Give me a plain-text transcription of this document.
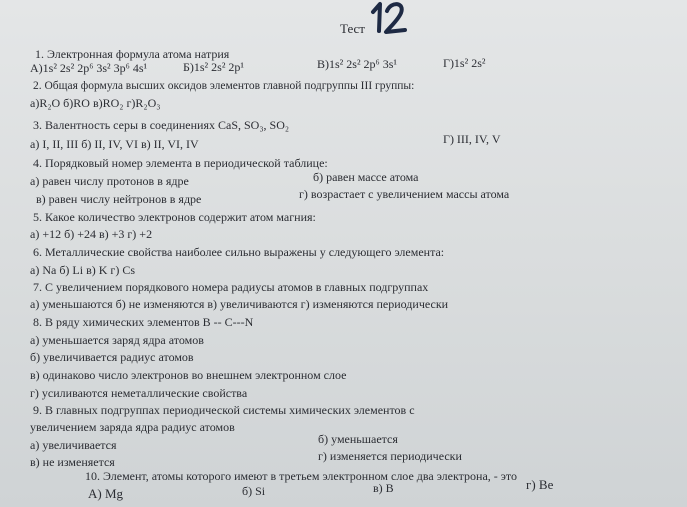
Тест
1. Электронная формула атома натрия
А)1s² 2s² 2p⁶ 3s² 3p⁶ 4s¹	Б)1s² 2s² 2p¹	В)1s² 2s² 2p⁶ 3s¹	Г)1s² 2s²
2. Общая формула высших оксидов элементов главной подгруппы III группы:
а)R₂O б)RO в)RO₂ г)R₂O₃
3. Валентность серы в соединениях CaS, SO₃, SO₂
а) I, II, III б) II, IV, VI в) II, VI, IV	Г) III, IV, V
4. Порядковый номер элемента в периодической таблице:
а) равен числу протонов в ядре	б) равен массе атома
в) равен числу нейтронов в ядре	г) возрастает с увеличением массы атома
5. Какое количество электронов содержит атом магния:
а) +12 б) +24 в) +3 г) +2
6. Металлические свойства наиболее сильно выражены у следующего элемента:
а) Na б) Li в) K г) Cs
7. С увеличением порядкового номера радиусы атомов в главных подгруппах
а) уменьшаются б) не изменяются в) увеличиваются г) изменяются периодически
8. В ряду химических элементов B -- C---N
а) уменьшается заряд ядра атомов
б) увеличивается радиус атомов
в) одинаково число электронов во внешнем электронном слое
г) усиливаются неметаллические свойства
9. В главных подгруппах периодической системы химических элементов с
увеличением заряда ядра радиус атомов
а) увеличивается	б) уменьшается
в) не изменяется	г) изменяется периодически
10. Элемент, атомы которого имеют в третьем электронном слое два электрона, - это
А) Mg	б) Si	в) B	г) Be
